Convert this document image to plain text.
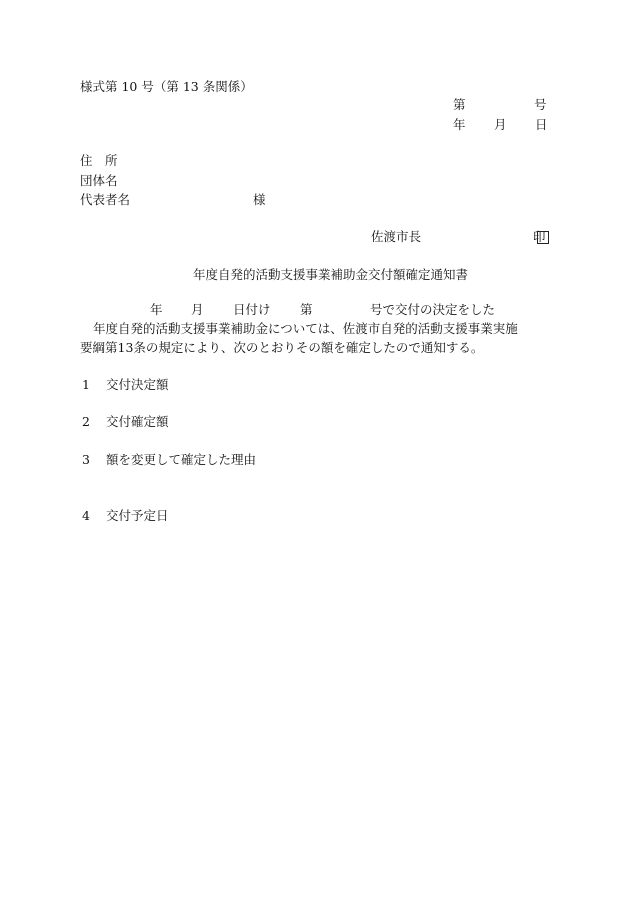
様式第 10 号（第 13 条関係）
第	号
年 月 日
住　所
団体名
代表者名	様
佐渡市長	印
年度自発的活動支援事業補助金交付額確定通知書
年 月 日付け 第	号で交付の決定をした
年度自発的活動支援事業補助金については、佐渡市自発的活動支援事業実施
要綱第13条の規定により、次のとおりその額を確定したので通知する。
1 交付決定額
2 交付確定額
3 額を変更して確定した理由
4 交付予定日
